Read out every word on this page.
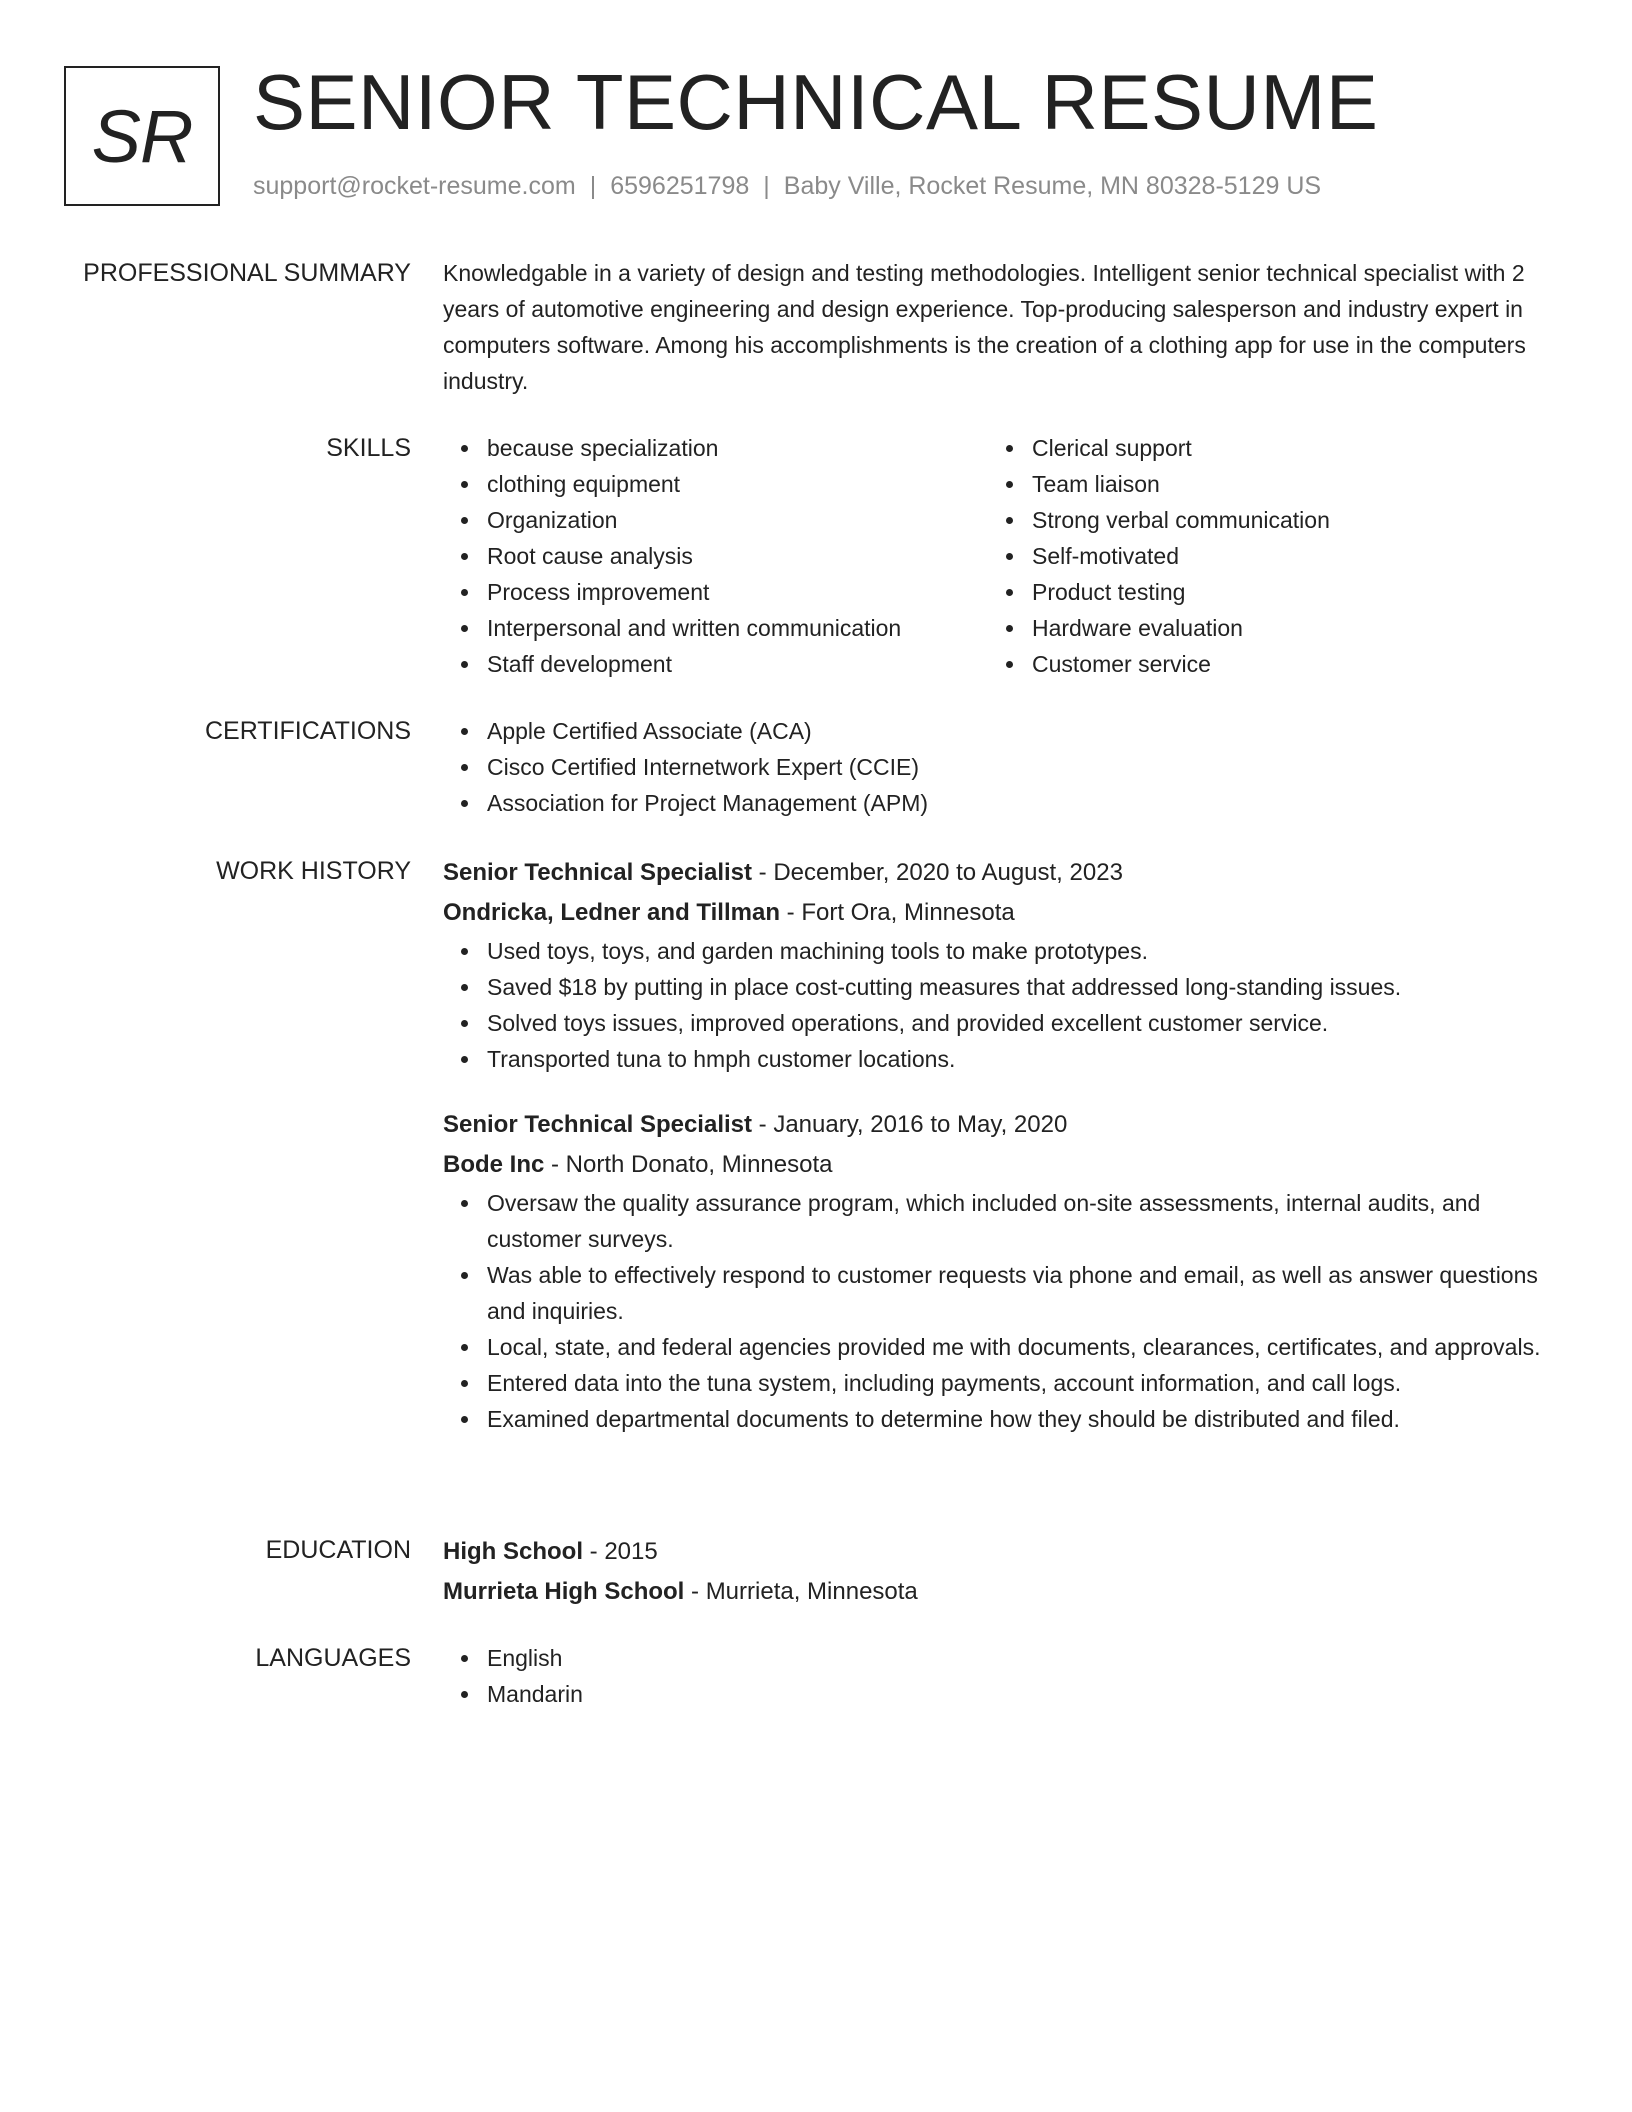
SR SENIOR TECHNICAL RESUME
support@rocket-resume.com | 6596251798 | Baby Ville, Rocket Resume, MN 80328-5129 US
PROFESSIONAL SUMMARY Knowledgable in a variety of design and testing methodologies. Intelligent senior technical specialist with 2 years of automotive engineering and design experience. Top-producing salesperson and industry expert in computers software. Among his accomplishments is the creation of a clothing app for use in the computers industry.

SKILLS	because specialization
clothing equipment
Organization
Root cause analysis
Process improvement
Interpersonal and written communication
Staff development
Clerical support
Team liaison
Strong verbal communication
Self-motivated
Product testing
Hardware evaluation
Customer service
CERTIFICATIONS	Apple Certified Associate (ACA)
Cisco Certified Internetwork Expert (CCIE)
Association for Project Management (APM)
WORK HISTORY Senior Technical Specialist - December, 2020 to August, 2023
Ondricka, Ledner and Tillman - Fort Ora, Minnesota
Used toys, toys, and garden machining tools to make prototypes.
Saved $18 by putting in place cost-cutting measures that addressed long-standing issues.
Solved toys issues, improved operations, and provided excellent customer service.
Transported tuna to hmph customer locations.
Senior Technical Specialist - January, 2016 to May, 2020
Bode Inc - North Donato, Minnesota
Oversaw the quality assurance program, which included on-site assessments, internal audits, and customer surveys.
Was able to effectively respond to customer requests via phone and email, as well as answer questions and inquiries.
Local, state, and federal agencies provided me with documents, clearances, certificates, and approvals.
Entered data into the tuna system, including payments, account information, and call logs.
Examined departmental documents to determine how they should be distributed and filed.
EDUCATION High School - 2015
Murrieta High School - Murrieta, Minnesota
LANGUAGES	English
Mandarin
